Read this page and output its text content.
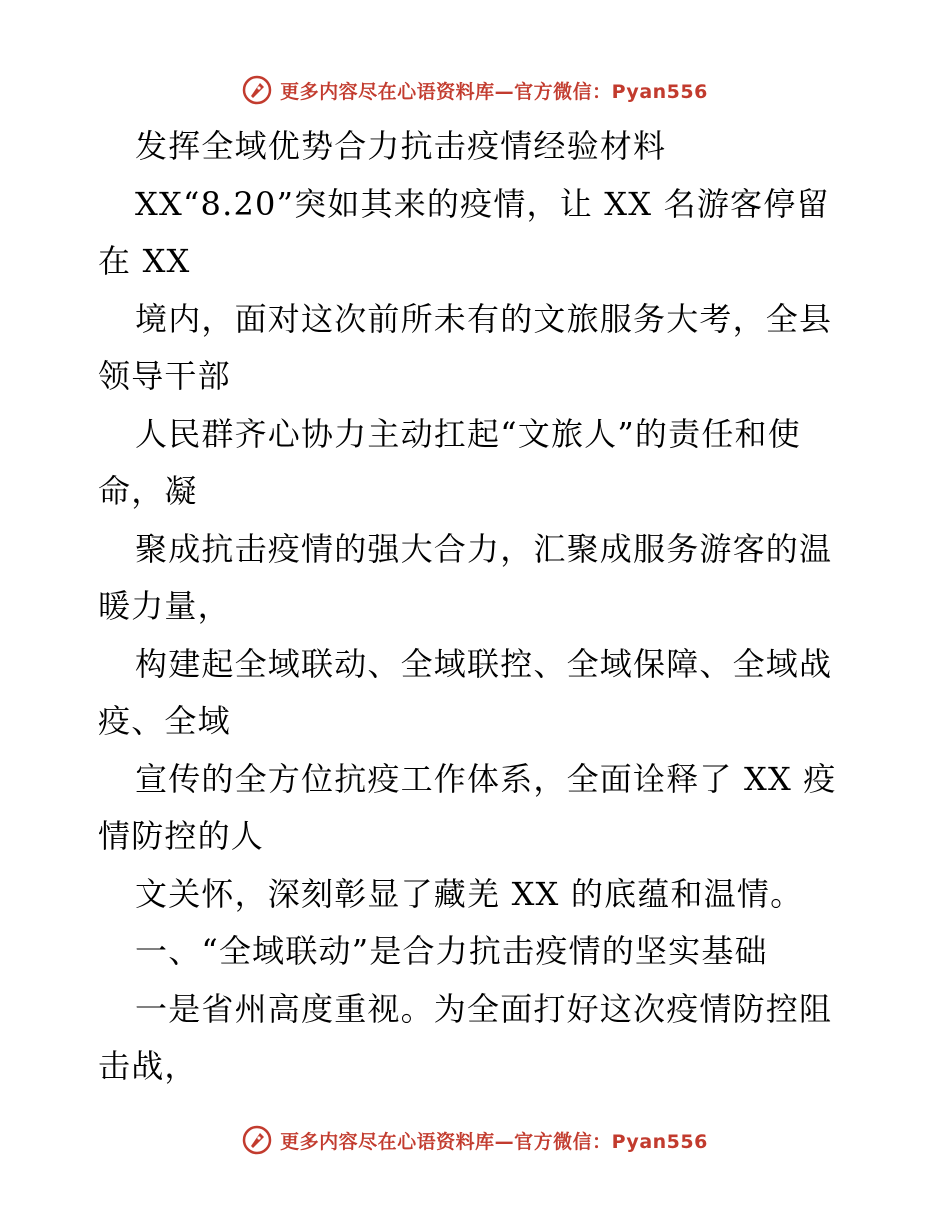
更多内容尽在心语资料库—官方微信：Pyan556
发挥全域优势合力抗击疫情经验材料
XX“8.20”突如其来的疫情，让 XX 名游客停留
在 XX
境内，面对这次前所未有的文旅服务大考，全县
领导干部
人民群齐心协力主动扛起“文旅人”的责任和使
命，凝
聚成抗击疫情的强大合力，汇聚成服务游客的温
暖力量，
构建起全域联动、全域联控、全域保障、全域战
疫、全域
宣传的全方位抗疫工作体系，全面诠释了 XX 疫
情防控的人
文关怀，深刻彰显了藏羌 XX 的底蕴和温情。
一、“全域联动”是合力抗击疫情的坚实基础
一是省州高度重视。为全面打好这次疫情防控阻
击战，
更多内容尽在心语资料库—官方微信：Pyan556
